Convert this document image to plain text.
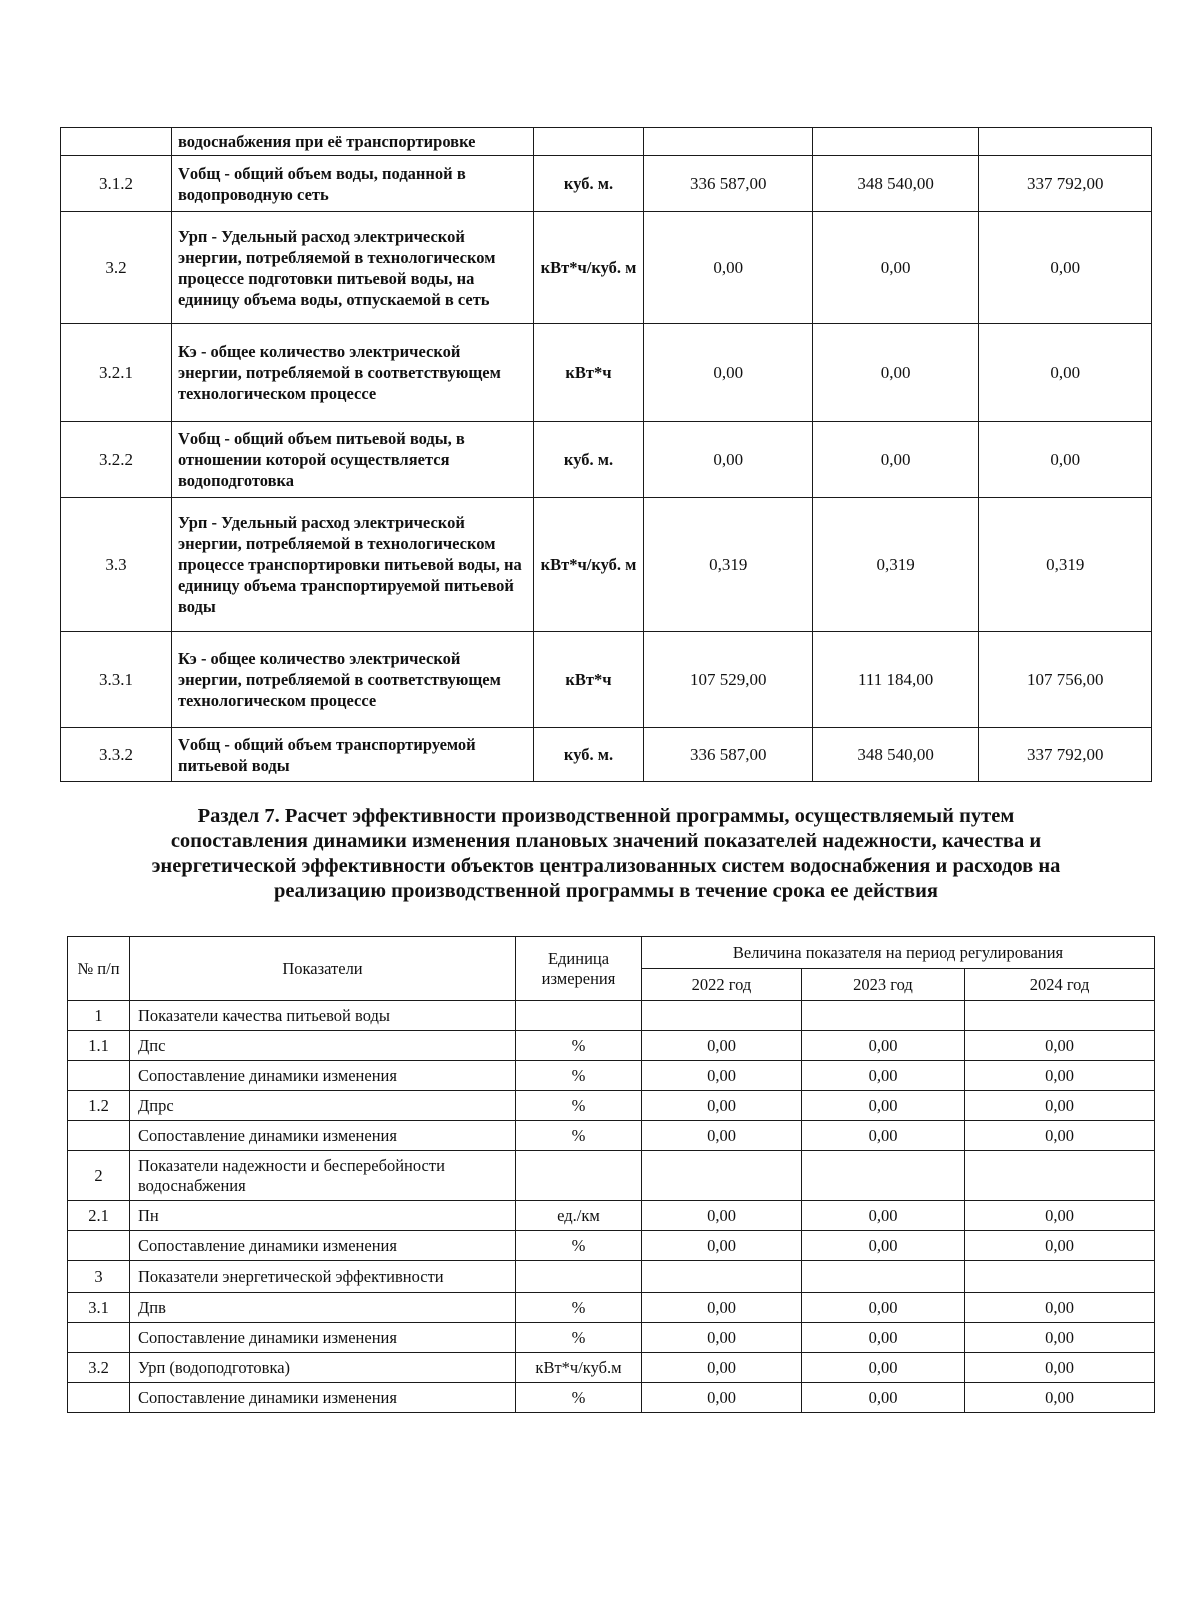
	водоснабжения при её транспортировке				
3.1.2	Vобщ - общий объем воды, поданной в водопроводную сеть	куб. м.	336 587,00	348 540,00	337 792,00
3.2	Урп - Удельный расход электрической энергии, потребляемой в технологическом процессе подготовки питьевой воды, на единицу объема воды, отпускаемой в сеть	кВт*ч/куб. м	0,00	0,00	0,00
3.2.1	Кэ - общее количество электрической энергии, потребляемой в соответствующем технологическом процессе	кВт*ч	0,00	0,00	0,00
3.2.2	Vобщ - общий объем питьевой воды, в отношении которой осуществляется водоподготовка	куб. м.	0,00	0,00	0,00
3.3	Урп - Удельный расход электрической энергии, потребляемой в технологическом процессе транспортировки питьевой воды, на единицу объема транспортируемой питьевой воды	кВт*ч/куб. м	0,319	0,319	0,319
3.3.1	Кэ - общее количество электрической энергии, потребляемой в соответствующем технологическом процессе	кВт*ч	107 529,00	111 184,00	107 756,00
3.3.2	Vобщ - общий объем транспортируемой питьевой воды	куб. м.	336 587,00	348 540,00	337 792,00
Раздел 7. Расчет эффективности производственной программы, осуществляемый путем
сопоставления динамики изменения плановых значений показателей надежности, качества и
энергетической эффективности объектов централизованных систем водоснабжения и расходов на
реализацию производственной программы в течение срока ее действия
№ п/п	Показатели	Единица измерения	Величина показателя на период регулирования		
			2022 год	2023 год	2024 год
1	Показатели качества питьевой воды				
1.1	Дпс	%	0,00	0,00	0,00
	Сопоставление динамики изменения	%	0,00	0,00	0,00
1.2	Дпрс	%	0,00	0,00	0,00
	Сопоставление динамики изменения	%	0,00	0,00	0,00
2	Показатели надежности и бесперебойности водоснабжения				
2.1	Пн	ед./км	0,00	0,00	0,00
	Сопоставление динамики изменения	%	0,00	0,00	0,00
3	Показатели энергетической эффективности				
3.1	Дпв	%	0,00	0,00	0,00
	Сопоставление динамики изменения	%	0,00	0,00	0,00
3.2	Урп (водоподготовка)	кВт*ч/куб.м	0,00	0,00	0,00
	Сопоставление динамики изменения	%	0,00	0,00	0,00
